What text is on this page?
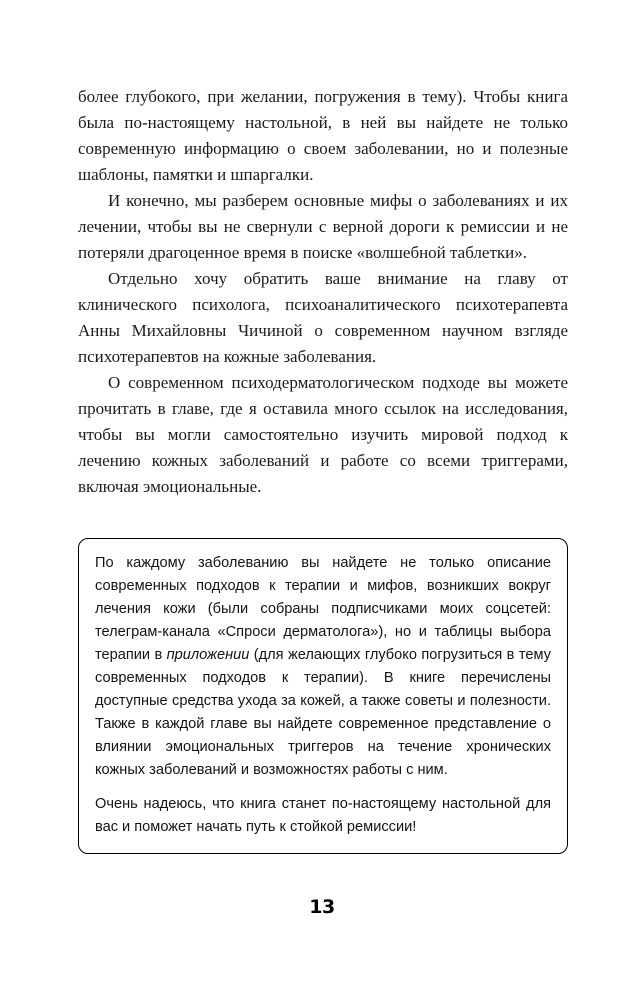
более глубокого, при желании, погружения в тему). Чтобы книга была по-настоящему настольной, в ней вы найдете не только современную информацию о своем заболевании, но и полезные шаблоны, памятки и шпаргалки.

И конечно, мы разберем основные мифы о заболеваниях и их лечении, чтобы вы не свернули с верной дороги к ремиссии и не потеряли драгоценное время в поиске «волшебной таблетки».

Отдельно хочу обратить ваше внимание на главу от клинического психолога, психоаналитического психотерапевта Анны Михайловны Чичиной о современном научном взгляде психотерапевтов на кожные заболевания.

О современном психодерматологическом подходе вы можете прочитать в главе, где я оставила много ссылок на исследования, чтобы вы могли самостоятельно изучить мировой подход к лечению кожных заболеваний и работе со всеми триггерами, включая эмоциональные.

По каждому заболеванию вы найдете не только описание современных подходов к терапии и мифов, возникших вокруг лечения кожи (были собраны подписчиками моих соцсетей: телеграм-канала «Спроси дерматолога»), но и таблицы выбора терапии в приложении (для желающих глубоко погрузиться в тему современных подходов к терапии). В книге перечислены доступные средства ухода за кожей, а также советы и полезности. Также в каждой главе вы найдете современное представление о влиянии эмоциональных триггеров на течение хронических кожных заболеваний и возможностях работы с ним.

Очень надеюсь, что книга станет по-настоящему настольной для вас и поможет начать путь к стойкой ремиссии!

13
